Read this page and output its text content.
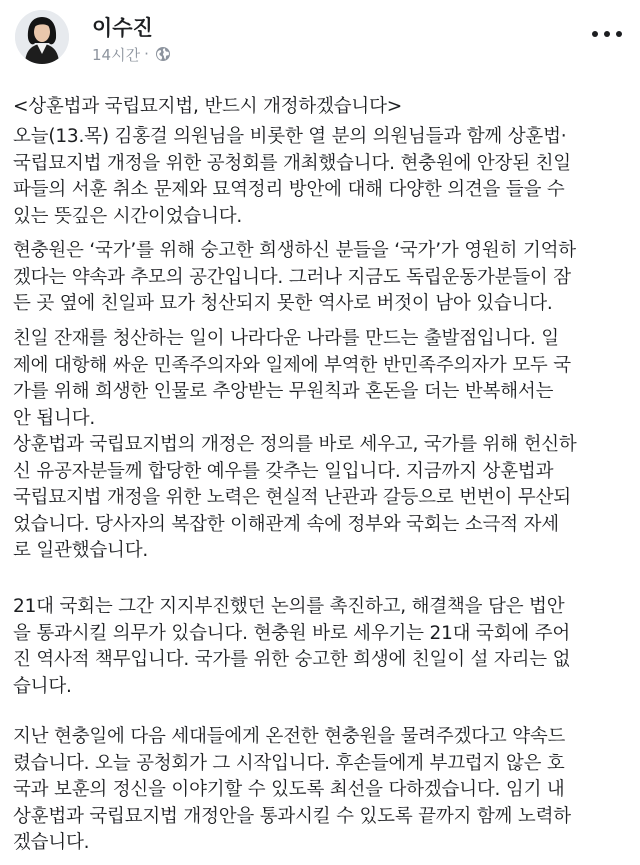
이수진
14시간 ·
<상훈법과 국립묘지법, 반드시 개정하겠습니다>
오늘(13.목) 김홍걸 의원님을 비롯한 열 분의 의원님들과 함께 상훈법·
국립묘지법 개정을 위한 공청회를 개최했습니다. 현충원에 안장된 친일
파들의 서훈 취소 문제와 묘역정리 방안에 대해 다양한 의견을 들을 수
있는 뜻깊은 시간이었습니다.
현충원은 ‘국가’를 위해 숭고한 희생하신 분들을 ‘국가’가 영원히 기억하
겠다는 약속과 추모의 공간입니다. 그러나 지금도 독립운동가분들이 잠
든 곳 옆에 친일파 묘가 청산되지 못한 역사로 버젓이 남아 있습니다.
친일 잔재를 청산하는 일이 나라다운 나라를 만드는 출발점입니다. 일
제에 대항해 싸운 민족주의자와 일제에 부역한 반민족주의자가 모두 국
가를 위해 희생한 인물로 추앙받는 무원칙과 혼돈을 더는 반복해서는
안 됩니다.
상훈법과 국립묘지법의 개정은 정의를 바로 세우고, 국가를 위해 헌신하
신 유공자분들께 합당한 예우를 갖추는 일입니다. 지금까지 상훈법과
국립묘지법 개정을 위한 노력은 현실적 난관과 갈등으로 번번이 무산되
었습니다. 당사자의 복잡한 이해관계 속에 정부와 국회는 소극적 자세
로 일관했습니다.
21대 국회는 그간 지지부진했던 논의를 촉진하고, 해결책을 담은 법안
을 통과시킬 의무가 있습니다. 현충원 바로 세우기는 21대 국회에 주어
진 역사적 책무입니다. 국가를 위한 숭고한 희생에 친일이 설 자리는 없
습니다.
지난 현충일에 다음 세대들에게 온전한 현충원을 물려주겠다고 약속드
렸습니다. 오늘 공청회가 그 시작입니다. 후손들에게 부끄럽지 않은 호
국과 보훈의 정신을 이야기할 수 있도록 최선을 다하겠습니다. 임기 내
상훈법과 국립묘지법 개정안을 통과시킬 수 있도록 끝까지 함께 노력하
겠습니다.
